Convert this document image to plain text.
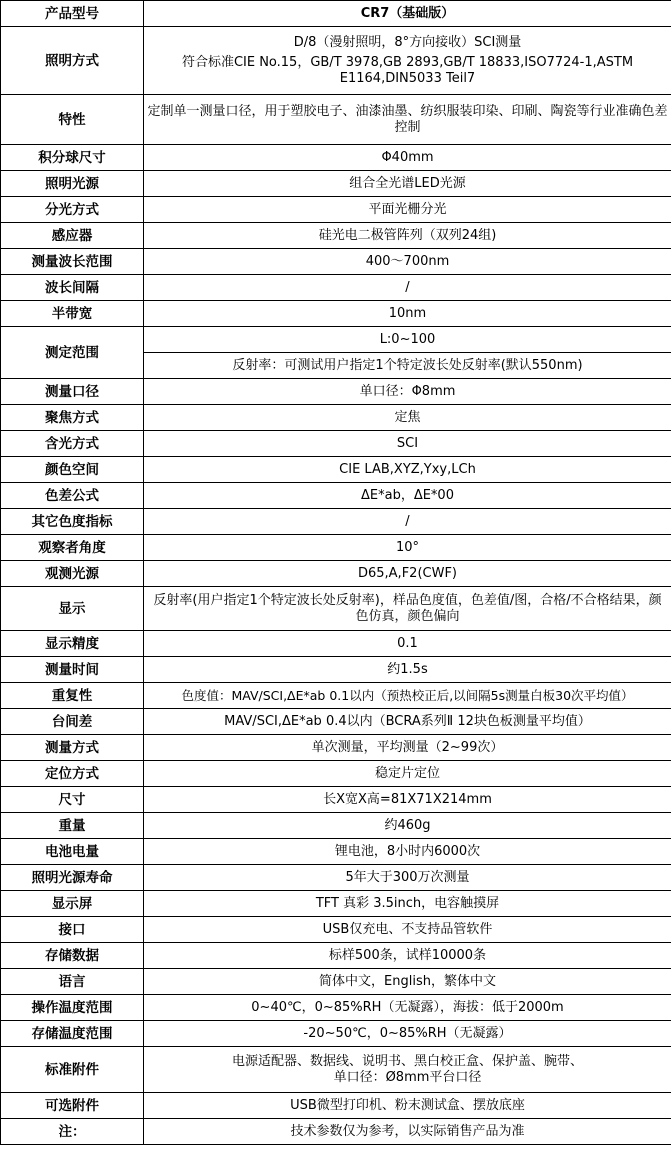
产品型号	CR7（基础版）
照明方式	D/8（漫射照明，8°方向接收）SCI测量
符合标准CIE No.15，GB/T 3978,GB 2893,GB/T 18833,ISO7724-1,ASTM E1164,DIN5033 Teil7

特性	定制单一测量口径，用于塑胶电子、油漆油墨、纺织服装印染、印刷、陶瓷等行业准确色差控制
积分球尺寸	Φ40mm
照明光源	组合全光谱LED光源
分光方式	平面光栅分光
感应器	硅光电二极管阵列（双列24组)
测量波长范围	400～700nm
波长间隔	/
半带宽	10nm
测定范围	L:0~100
	反射率：可测试用户指定1个特定波长处反射率(默认550nm)
测量口径	单口径：Φ8mm
聚焦方式	定焦
含光方式	SCI
颜色空间	CIE LAB,XYZ,Yxy,LCh
色差公式	ΔE*ab，ΔE*00
其它色度指标	/
观察者角度	10°
观测光源	D65,A,F2(CWF)
显示	反射率(用户指定1个特定波长处反射率)，样品色度值，色差值/图，合格/不合格结果，颜色仿真，颜色偏向
显示精度	0.1
测量时间	约1.5s
重复性	色度值：MAV/SCI,ΔE*ab 0.1以内（预热校正后,以间隔5s测量白板30次平均值）
台间差	MAV/SCI,ΔE*ab 0.4以内（BCRA系列Ⅱ 12块色板测量平均值）
测量方式	单次测量，平均测量（2~99次）
定位方式	稳定片定位
尺寸	长X宽X高=81X71X214mm
重量	约460g
电池电量	锂电池，8小时内6000次
照明光源寿命	5年大于300万次测量
显示屏	TFT 真彩 3.5inch，电容触摸屏
接口	USB仅充电、不支持品管软件
存储数据	标样500条，试样10000条
语言	简体中文，English，繁体中文
操作温度范围	0~40℃，0~85%RH（无凝露），海拔：低于2000m
存储温度范围	-20~50℃，0~85%RH（无凝露）
标准附件	电源适配器、数据线、说明书、黑白校正盒、保护盖、腕带、
单口径：Ø8mm平台口径

可选附件	USB微型打印机、粉末测试盒、摆放底座
注：	技术参数仅为参考，以实际销售产品为准
